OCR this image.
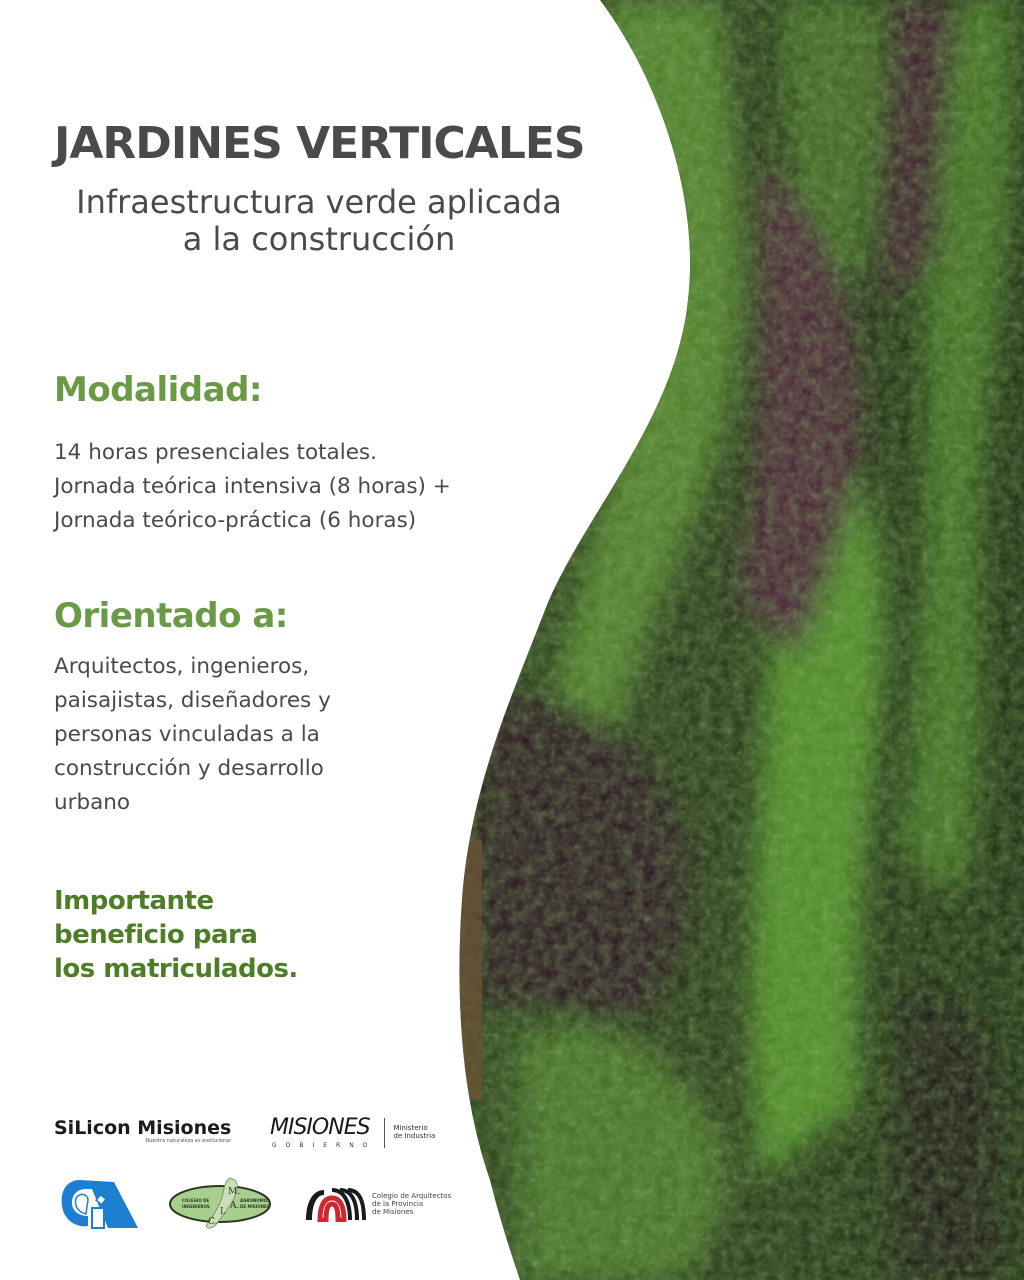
JARDINES VERTICALES
Infraestructura verde aplicada
a la construcción
Modalidad:
14 horas presenciales totales.
Jornada teórica intensiva (8 horas) +
Jornada teórico-práctica (6 horas)
Orientado a:
Arquitectos, ingenieros,
paisajistas, diseñadores y
personas vinculadas a la
construcción y desarrollo
urbano
Importante
beneficio para
los matriculados.
SiLicon Misiones
Nuestra naturaleza es evolucionar
MISIONES
GOBIERNO
Ministerio
de Industria
COLEGIO DE
INGENIEROS
AGRONOMOS
DE MISIONES
M.
A.
I.
C.
Colegio de Arquitectos
de la Provincia
de Misiones
